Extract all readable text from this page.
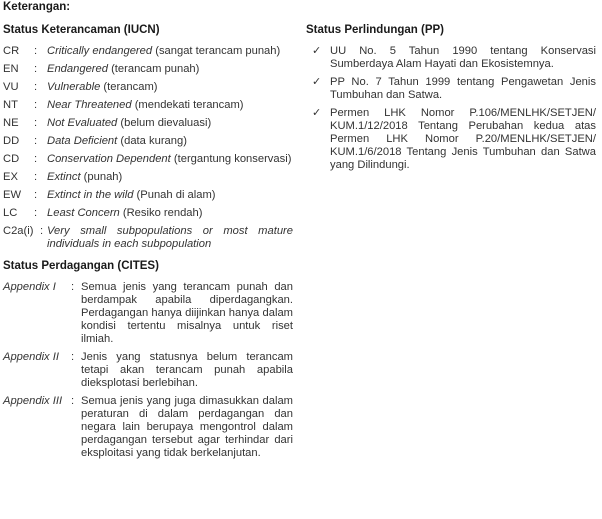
Keterangan:
Status Keterancaman (IUCN)
CR	: Critically endangered (sangat terancam punah)
EN	: Endangered (terancam punah)
VU	: Vulnerable (terancam)
NT	: Near Threatened (mendekati terancam)
NE	: Not Evaluated (belum dievaluasi)
DD	: Data Deficient (data kurang)
CD	: Conservation Dependent (tergantung konservasi)
EX	: Extinct (punah)
EW	: Extinct in the wild (Punah di alam)
LC	: Least Concern (Resiko rendah)
C2a(i) : Very small subpopulations or most mature individuals in each subpopulation
Status Perdagangan (CITES)
Appendix I	: Semua jenis yang terancam punah dan berdampak apabila diperdagangkan. Perdagangan hanya diijinkan hanya dalam kondisi tertentu misalnya untuk riset ilmiah.
Appendix II	: Jenis yang statusnya belum terancam tetapi akan terancam punah apabila dieksplotasi berlebihan.
Appendix III : Semua jenis yang juga dimasukkan dalam peraturan di dalam perdagangan dan negara lain berupaya mengontrol dalam perdagangan tersebut agar terhindar dari eksploitasi yang tidak berkelanjutan.
Status Perlindungan (PP)
✓ UU No. 5 Tahun 1990 tentang Konservasi Sumberdaya Alam Hayati dan Ekosistemnya.
✓ PP No. 7 Tahun 1999 tentang Pengawetan Jenis Tumbuhan dan Satwa.
✓ Permen LHK Nomor P.106/MENLHK/SETJEN/ KUM.1/12/2018 Tentang Perubahan kedua atas Permen LHK Nomor P.20/MENLHK/SETJEN/ KUM.1/6/2018 Tentang Jenis Tumbuhan dan Satwa yang Dilindungi.
